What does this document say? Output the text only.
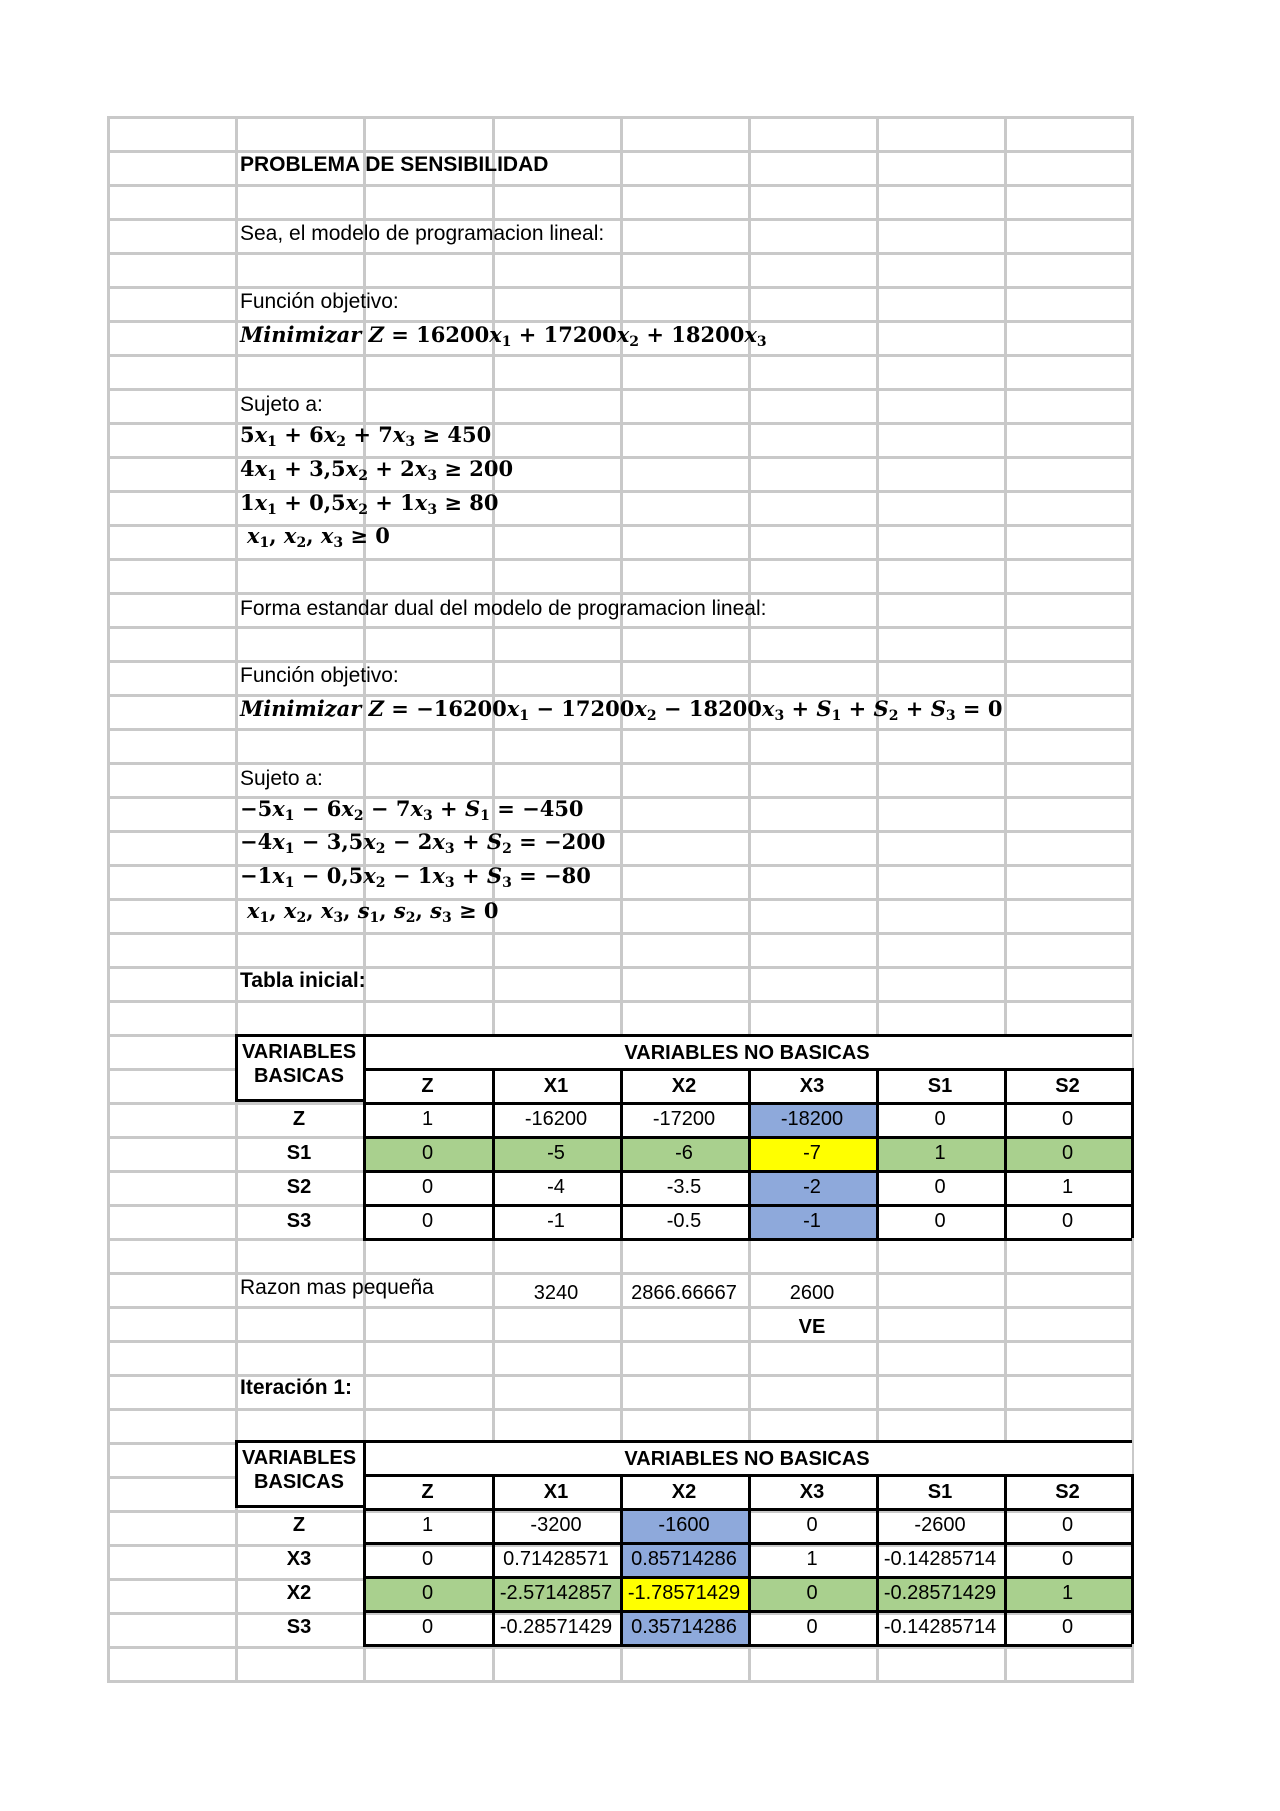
PROBLEMA DE SENSIBILIDAD
Sea, el modelo de programacion lineal:
Función objetivo:
Minimizar $Z = 16200x_1 + 17200x_2 + 18200x_3$
Sujeto a:
$5x_1 + 6x_2 + 7x_3 \ge 450$
$4x_1 + 3,5x_2 + 2x_3 \ge 200$
$1x_1 + 0,5x_2 + 1x_3 \ge 80$
$x_1$, $x_2$, $x_3 \ge 0$
Forma estandar dual del modelo de programacion lineal:
Función objetivo:
Minimizar $Z = -16200x_1 - 17200x_2 - 18200x_3 + S_1 + S_2 + S_3 = 0$
Sujeto a:
$-5x_1 - 6x_2 - 7x_3 + S_1 = -450$
$-4x_1 - 3,5x_2 - 2x_3 + S_2 = -200$
$-1x_1 - 0,5x_2 - 1x_3 + S_3 = -80$
$x_1$, $x_2$, $x_3$, $s_1$, $s_2$, $s_3 \ge 0$
Tabla inicial:
VARIABLES BASICAS
VARIABLES NO BASICAS
Z	X1	X2	X3	S1	S2
Z	1	-16200	-17200	-18200	0	0
S1	0	-5	-6	-7	1	0
S2	0	-4	-3.5	-2	0	1
S3	0	-1	-0.5	-1	0	0
Razon mas pequeña	3240	2866.66667	2600
VE
Iteración 1:
VARIABLES BASICAS
VARIABLES NO BASICAS
Z	X1	X2	X3	S1	S2
Z	1	-3200	-1600	0	-2600	0
X3	0	0.71428571	0.85714286	1	-0.14285714	0
X2	0	-2.57142857 -1.78571429	0	-0.28571429	1
S3	0	-0.28571429 0.35714286	0	-0.14285714	0
